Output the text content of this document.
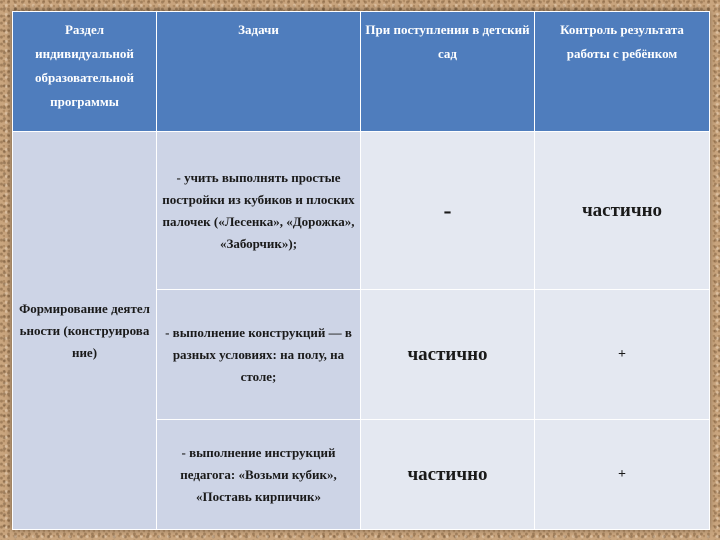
Раздел индивидуальной образовательной программы	Задачи	При поступлении в детский сад	Контроль результата работы с ребёнком
Формирование деятельности (конструирование)	- учить выполнять простые постройки из кубиков и плоских палочек («Лесенка», «Дорожка», «Заборчик»);	-	частично
	- выполнение конструкций — в разных условиях: на полу, на столе;	частично	+
	- выполнение инструкций педагога: «Возьми кубик», «Поставь кирпичик»	частично	+
